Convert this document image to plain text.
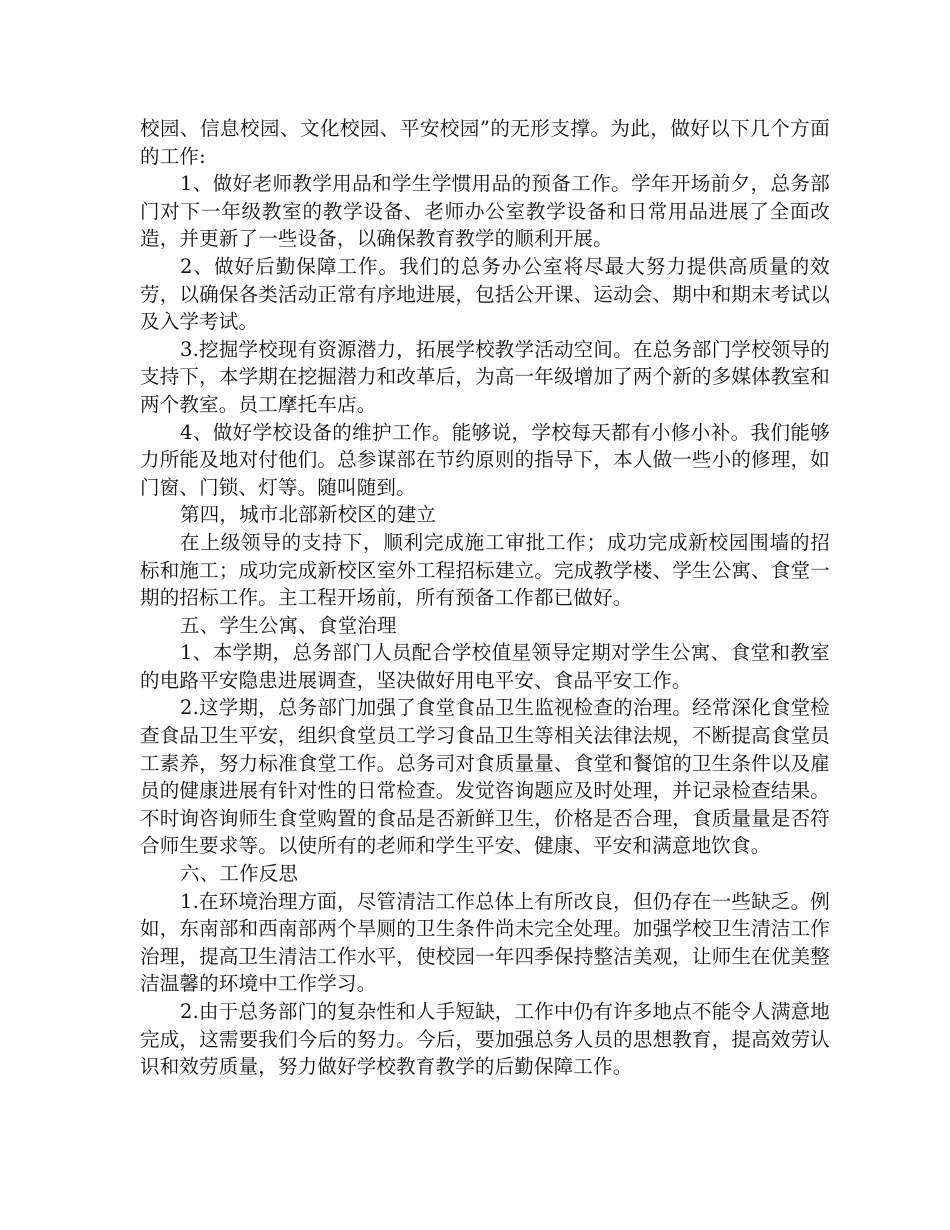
校园、信息校园、文化校园、平安校园”的无形支撑。为此，做好以下几个方面的工作:

1、做好老师教学用品和学生学惯用品的预备工作。学年开场前夕，总务部门对下一年级教室的教学设备、老师办公室教学设备和日常用品进展了全面改造，并更新了一些设备，以确保教育教学的顺利开展。

2、做好后勤保障工作。我们的总务办公室将尽最大努力提供高质量的效劳，以确保各类活动正常有序地进展，包括公开课、运动会、期中和期末考试以及入学考试。

3.挖掘学校现有资源潜力，拓展学校教学活动空间。在总务部门学校领导的支持下，本学期在挖掘潜力和改革后，为高一年级增加了两个新的多媒体教室和两个教室。员工摩托车店。

4、做好学校设备的维护工作。能够说，学校每天都有小修小补。我们能够力所能及地对付他们。总参谋部在节约原则的指导下，本人做一些小的修理，如门窗、门锁、灯等。随叫随到。

第四，城市北部新校区的建立

在上级领导的支持下，顺利完成施工审批工作；成功完成新校园围墙的招标和施工；成功完成新校区室外工程招标建立。完成教学楼、学生公寓、食堂一期的招标工作。主工程开场前，所有预备工作都已做好。

五、学生公寓、食堂治理

1、本学期，总务部门人员配合学校值星领导定期对学生公寓、食堂和教室的电路平安隐患进展调查，坚决做好用电平安、食品平安工作。

2.这学期，总务部门加强了食堂食品卫生监视检查的治理。经常深化食堂检查食品卫生平安，组织食堂员工学习食品卫生等相关法律法规，不断提高食堂员工素养，努力标准食堂工作。总务司对食质量量、食堂和餐馆的卫生条件以及雇员的健康进展有针对性的日常检查。发觉咨询题应及时处理，并记录检查结果。不时询咨询师生食堂购置的食品是否新鲜卫生，价格是否合理，食质量量是否符合师生要求等。以使所有的老师和学生平安、健康、平安和满意地饮食。

六、工作反思

1.在环境治理方面，尽管清洁工作总体上有所改良，但仍存在一些缺乏。例如，东南部和西南部两个旱厕的卫生条件尚未完全处理。加强学校卫生清洁工作治理，提高卫生清洁工作水平，使校园一年四季保持整洁美观，让师生在优美整洁温馨的环境中工作学习。

2.由于总务部门的复杂性和人手短缺，工作中仍有许多地点不能令人满意地完成，这需要我们今后的努力。今后，要加强总务人员的思想教育，提高效劳认识和效劳质量，努力做好学校教育教学的后勤保障工作。
